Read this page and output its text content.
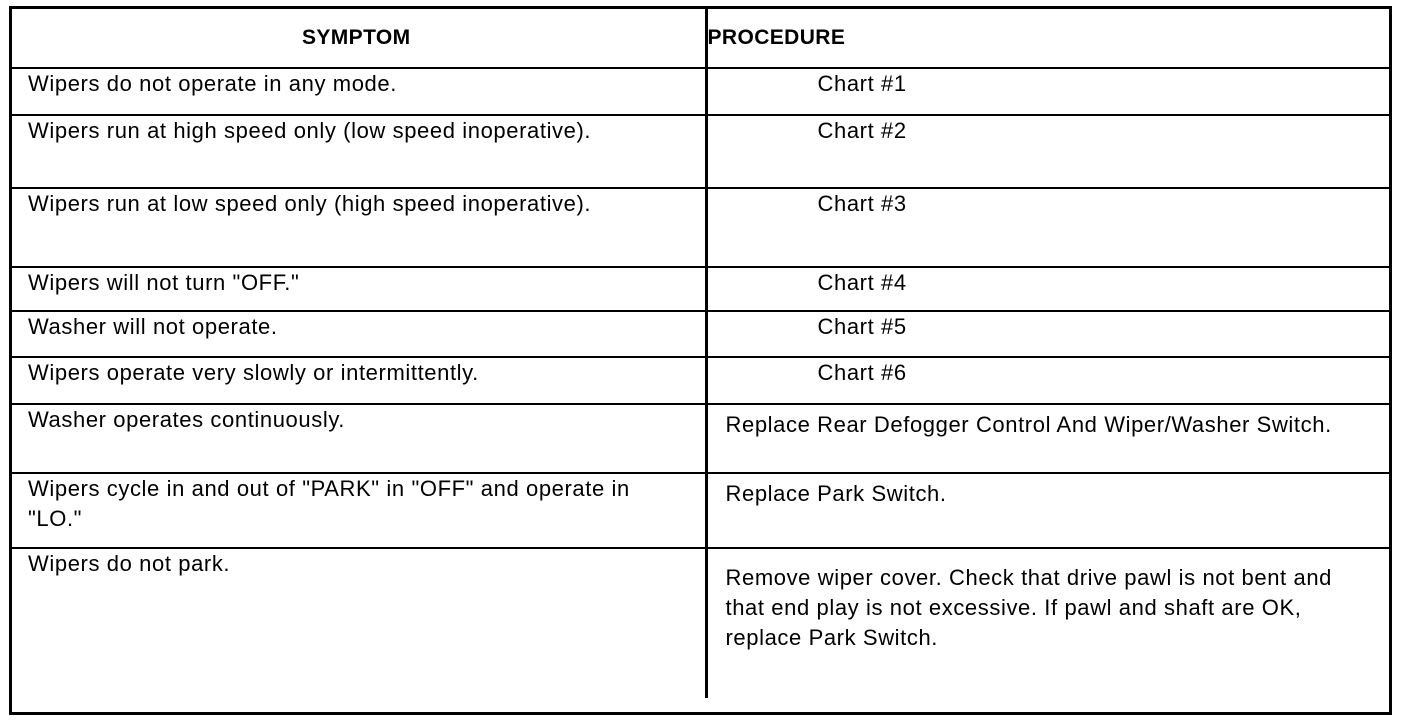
SYMPTOM	PROCEDURE
Wipers do not operate in any mode.	Chart #1
Wipers run at high speed only (low speed inoperative).	Chart #2
Wipers run at low speed only (high speed inoperative).	Chart #3
Wipers will not turn "OFF."	Chart #4
Washer will not operate.	Chart #5
Wipers operate very slowly or intermittently.	Chart #6
Washer operates continuously.	Replace Rear Defogger Control And Wiper/Washer Switch.
Wipers cycle in and out of "PARK" in "OFF" and operate in "LO."	Replace Park Switch.
Wipers do not park.	Remove wiper cover. Check that drive pawl is not bent and that end play is not excessive. If pawl and shaft are OK, replace Park Switch.
